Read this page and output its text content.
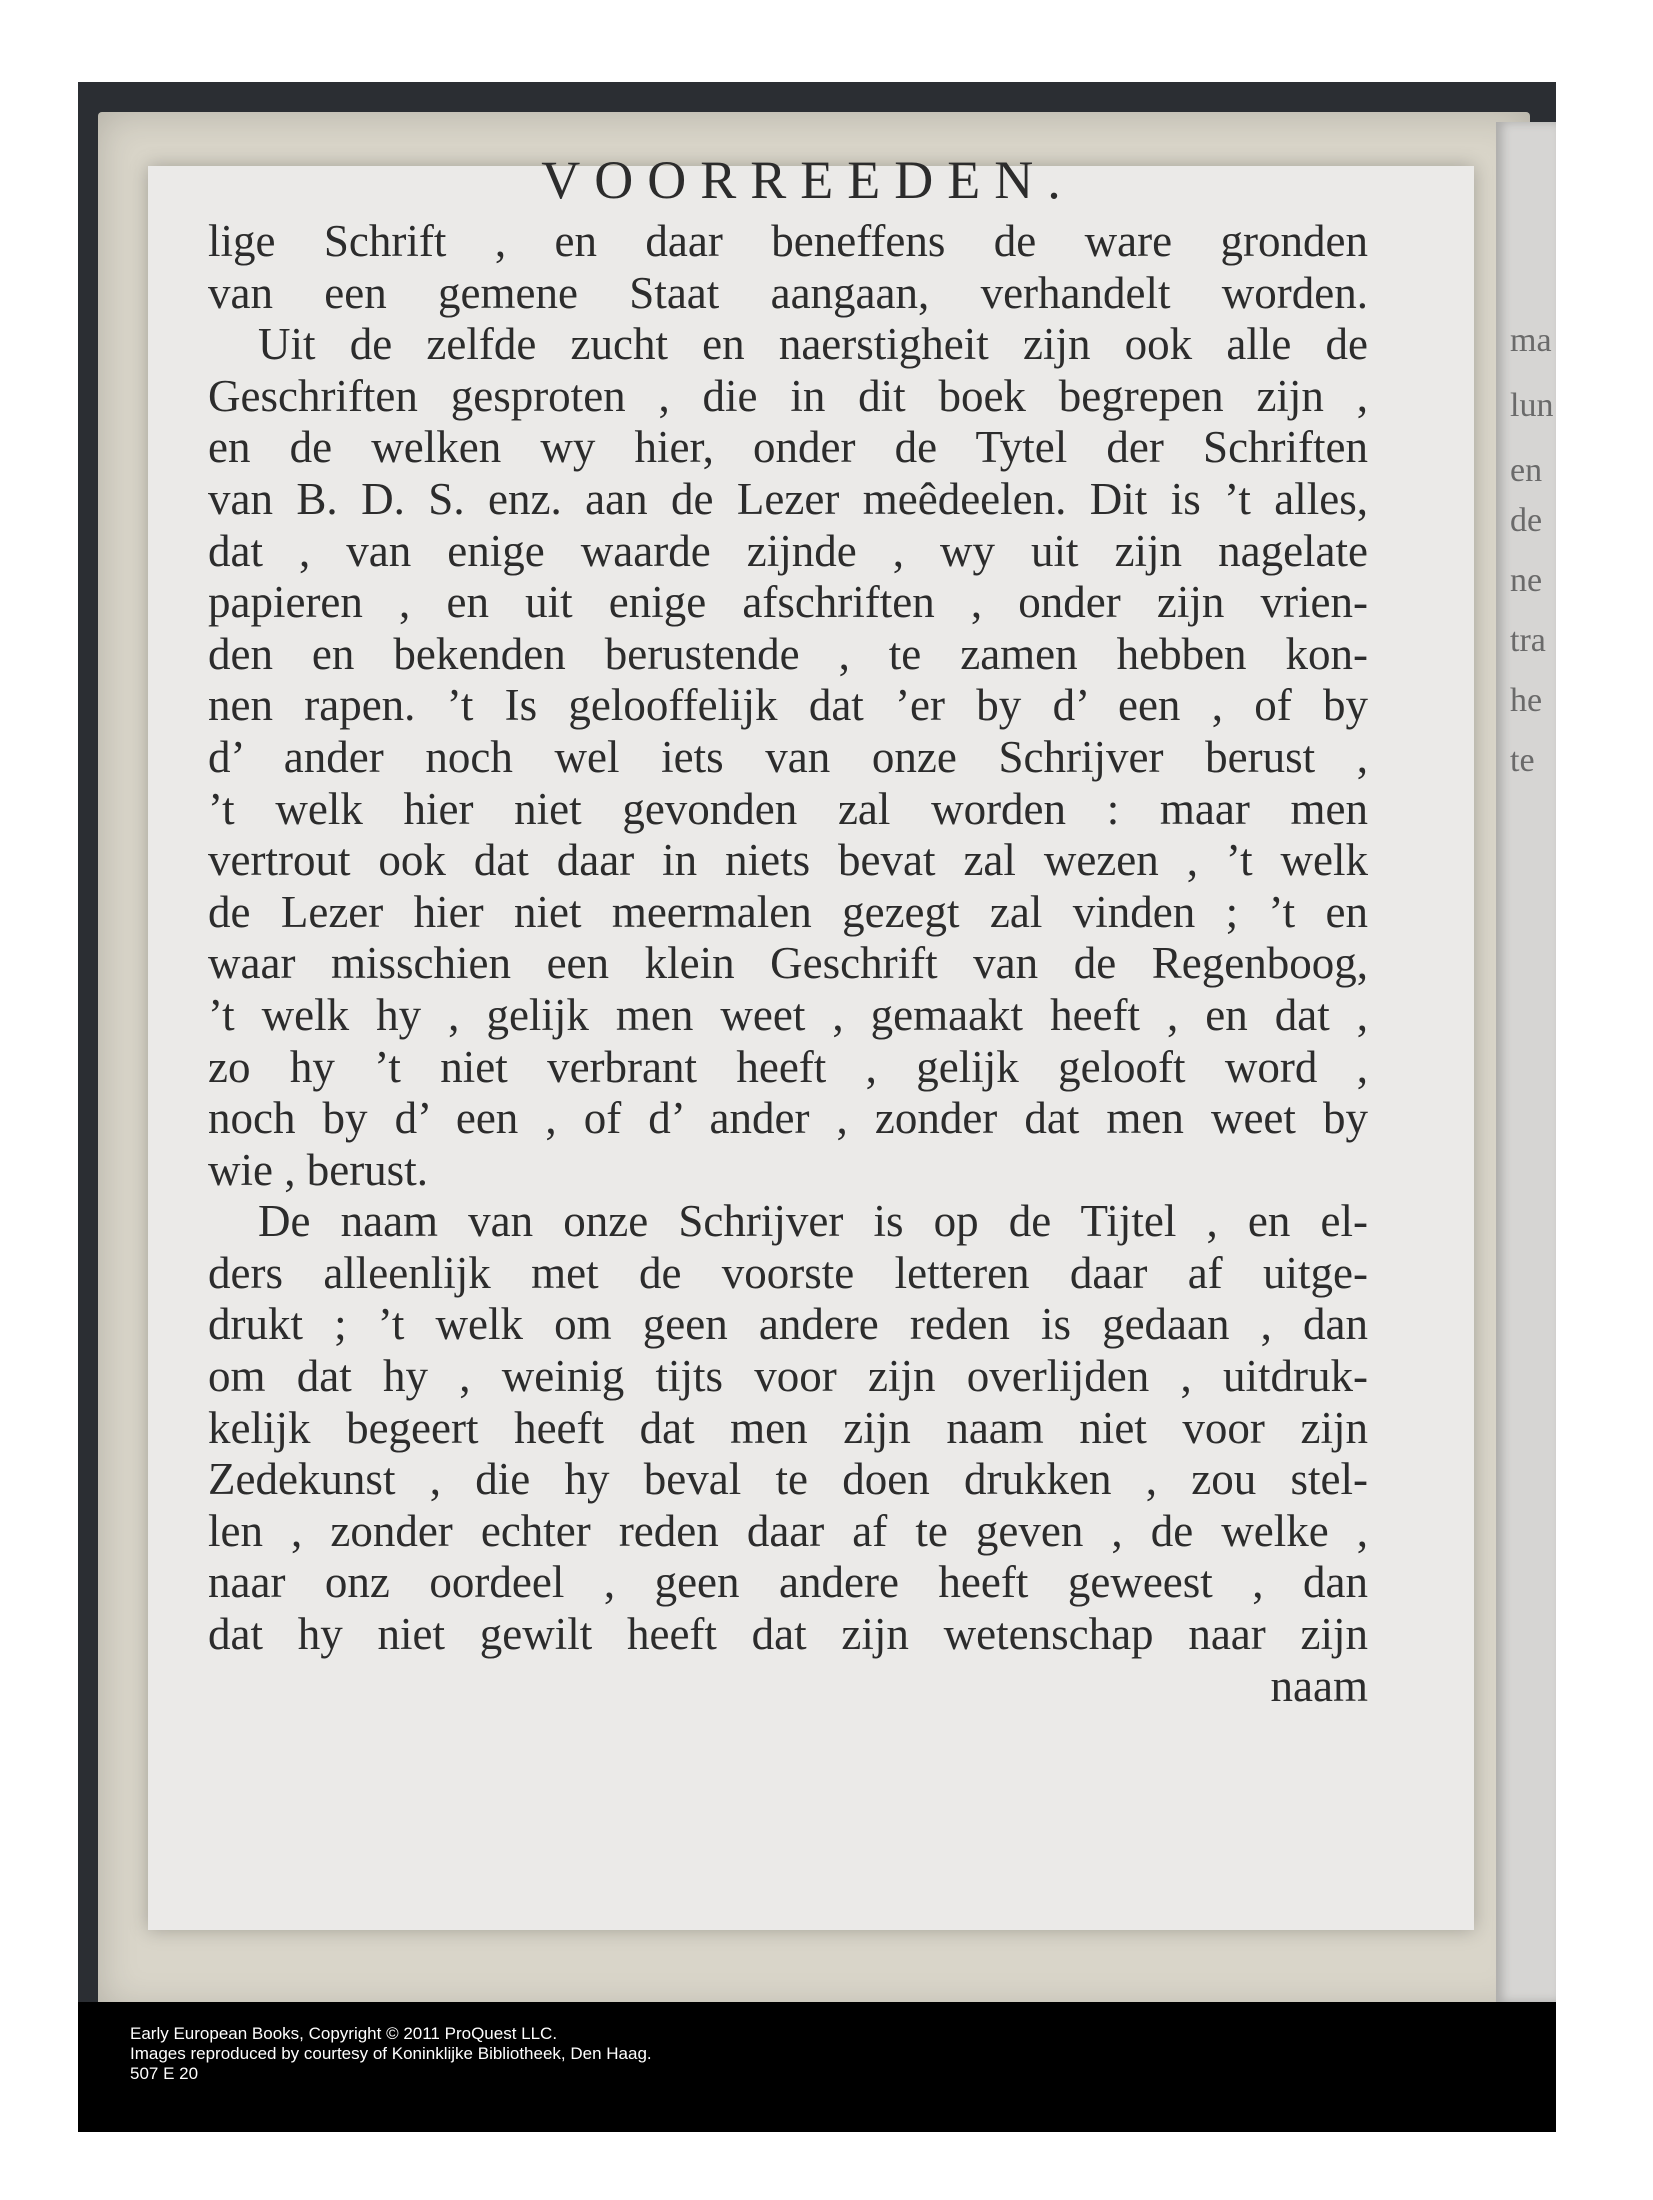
ma
lun
en
de
ne
tra
he
te
VOORREEDEN.
lige Schrift , en daar beneffens de ware gronden
van een gemene Staat aangaan, verhandelt worden.
Uit de zelfde zucht en naerstigheit zijn ook alle de
Geschriften gesproten , die in dit boek begrepen zijn ,
en de welken wy hier, onder de Tytel der Schriften
van B. D. S. enz. aan de Lezer meêdeelen. Dit is ’t alles,
dat , van enige waarde zijnde , wy uit zijn nagelate
papieren , en uit enige afschriften , onder zijn vrien-
den en bekenden berustende , te zamen hebben kon-
nen rapen. ’t Is gelooffelijk dat ’er by d’ een , of by
d’ ander noch wel iets van onze Schrijver berust ,
’t welk hier niet gevonden zal worden : maar men
vertrout ook dat daar in niets bevat zal wezen , ’t welk
de Lezer hier niet meermalen gezegt zal vinden ; ’t en
waar misschien een klein Geschrift van de Regenboog,
’t welk hy , gelijk men weet , gemaakt heeft , en dat ,
zo hy ’t niet verbrant heeft , gelijk gelooft word ,
noch by d’ een , of d’ ander , zonder dat men weet by
wie , berust.
De naam van onze Schrijver is op de Tijtel , en el-
ders alleenlijk met de voorste letteren daar af uitge-
drukt ; ’t welk om geen andere reden is gedaan , dan
om dat hy , weinig tijts voor zijn overlijden , uitdruk-
kelijk begeert heeft dat men zijn naam niet voor zijn
Zedekunst , die hy beval te doen drukken , zou stel-
len , zonder echter reden daar af te geven , de welke ,
naar onz oordeel , geen andere heeft geweest , dan
dat hy niet gewilt heeft dat zijn wetenschap naar zijn
naam
Early European Books, Copyright © 2011 ProQuest LLC.
Images reproduced by courtesy of Koninklijke Bibliotheek, Den Haag.
507 E 20
